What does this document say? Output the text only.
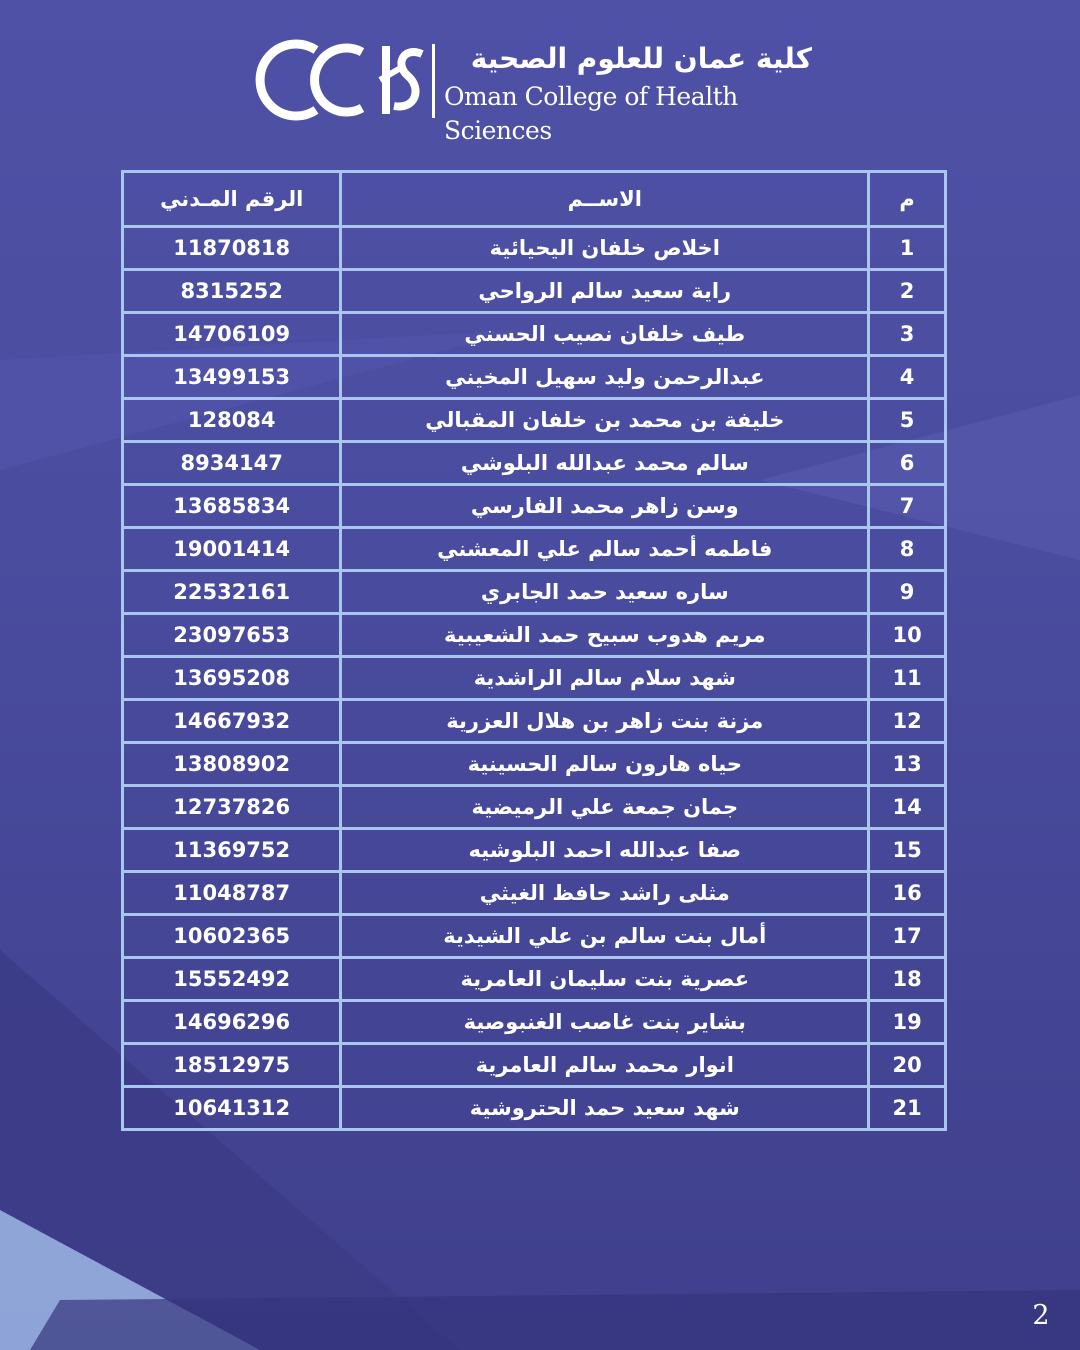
كلية عمان للعلوم الصحية
Oman College of Health Sciences
م	الاســم	الرقم المـدني
1	اخلاص خلفان اليحيائية	11870818
2	راية سعيد سالم الرواحي	8315252
3	طيف خلفان نصيب الحسني	14706109
4	عبدالرحمن وليد سهيل المخيني	13499153
5	خليفة بن محمد بن خلفان المقبالي	128084
6	سالم محمد عبدالله البلوشي	8934147
7	وسن زاهر محمد الفارسي	13685834
8	فاطمه أحمد سالم علي المعشني	19001414
9	ساره سعيد حمد الجابري	22532161
10	مريم هدوب سبيح حمد الشعيبية	23097653
11	شهد سلام سالم الراشدية	13695208
12	مزنة بنت زاهر بن هلال العزرية	14667932
13	حياه هارون سالم الحسينية	13808902
14	جمان جمعة علي الرميضية	12737826
15	صفا عبدالله احمد البلوشيه	11369752
16	مثلى راشد حافظ الغيثي	11048787
17	أمال بنت سالم بن علي الشيدية	10602365
18	عصرية بنت سليمان العامرية	15552492
19	بشاير بنت غاصب الغنبوصية	14696296
20	انوار محمد سالم العامرية	18512975
21	شهد سعيد حمد الحتروشية	10641312
2
